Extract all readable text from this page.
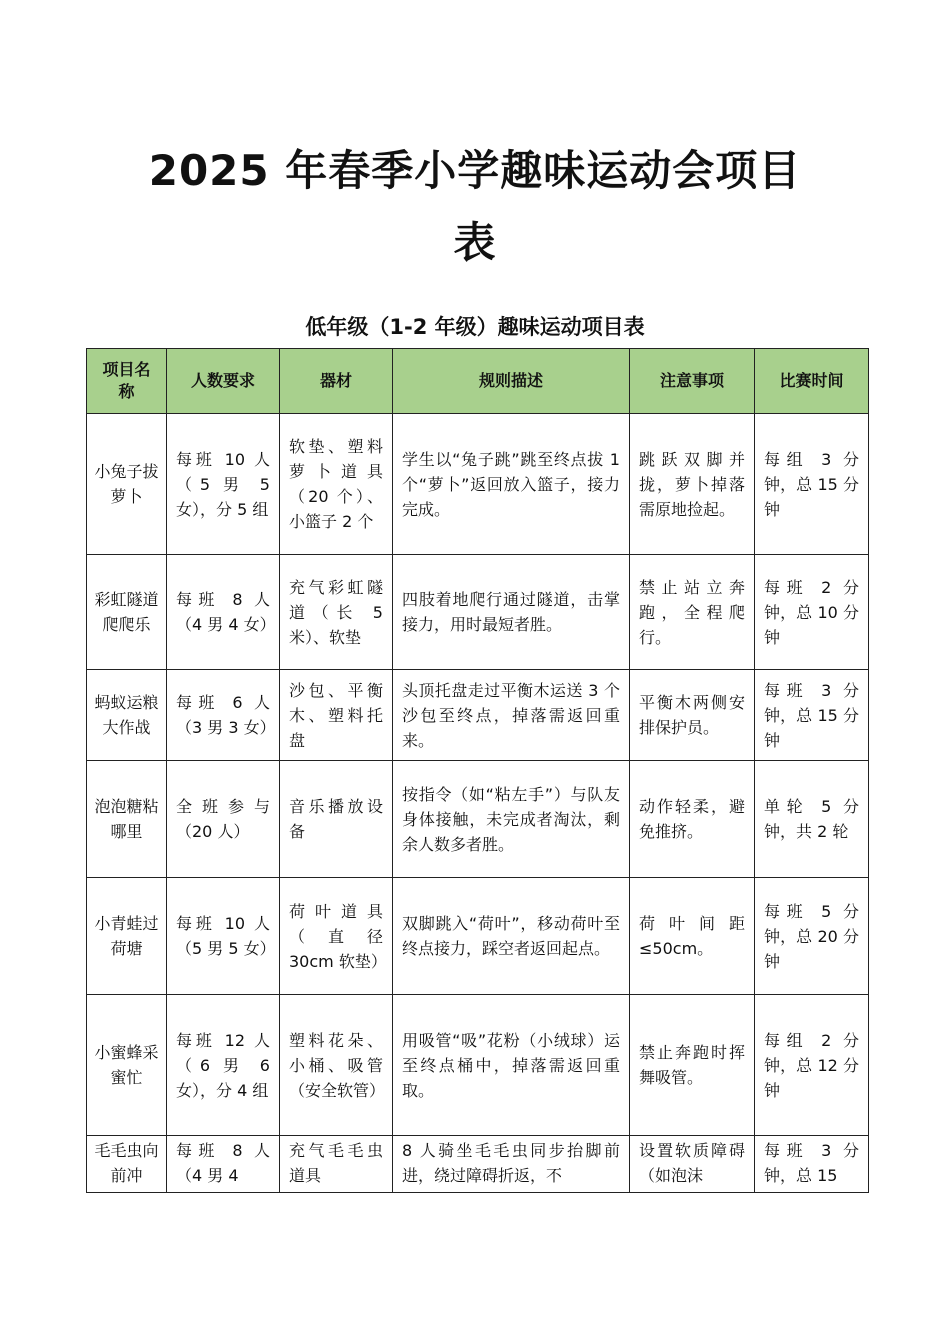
2025 年春季小学趣味运动会项目
表
低年级（1-2 年级）趣味运动项目表
项目名称	人数要求	器材	规则描述	注意事项	比赛时间
小兔子拔萝卜	每班 10 人（5 男 5 女），分 5 组	软垫、塑料萝卜道具（20 个）、小篮子 2 个	学生以“兔子跳”跳至终点拔 1 个“萝卜”返回放入篮子，接力完成。	跳跃双脚并拢，萝卜掉落需原地捡起。	每组 3 分钟，总 15 分钟
彩虹隧道爬爬乐	每班 8 人（4 男 4 女）	充气彩虹隧道（长 5 米）、软垫	四肢着地爬行通过隧道，击掌接力，用时最短者胜。	禁止站立奔跑，全程爬行。	每班 2 分钟，总 10 分钟
蚂蚁运粮大作战	每班 6 人（3 男 3 女）	沙包、平衡木、塑料托盘	头顶托盘走过平衡木运送 3 个沙包至终点，掉落需返回重来。	平衡木两侧安排保护员。	每班 3 分钟，总 15 分钟
泡泡糖粘哪里	全班参与（20 人）	音乐播放设备	按指令（如“粘左手”）与队友身体接触，未完成者淘汰，剩余人数多者胜。	动作轻柔，避免推挤。	单轮 5 分钟，共 2 轮
小青蛙过荷塘	每班 10 人（5 男 5 女）	荷叶道具（直径 30cm 软垫）	双脚跳入“荷叶”，移动荷叶至终点接力，踩空者返回起点。	荷叶间距≤50cm。	每班 5 分钟，总 20 分钟
小蜜蜂采蜜忙	每班 12 人（6 男 6 女），分 4 组	塑料花朵、小桶、吸管（安全软管）	用吸管“吸”花粉（小绒球）运至终点桶中，掉落需返回重取。	禁止奔跑时挥舞吸管。	每组 2 分钟，总 12 分钟

毛毛虫向前冲	每班 8 人（4 男 4	充气毛毛虫道具	8 人骑坐毛毛虫同步抬脚前进，绕过障碍折返，不	设置软质障碍（如泡沫	每班 3 分钟，总 15
